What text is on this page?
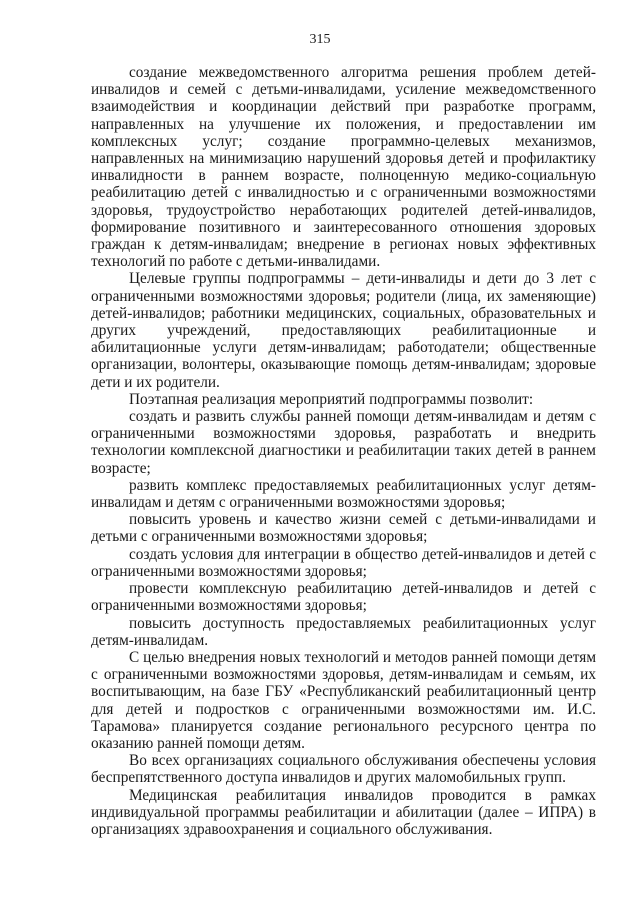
315

создание межведомственного алгоритма решения проблем детей-инвалидов и семей с детьми-инвалидами, усиление межведомственного взаимодействия и координации действий при разработке программ, направленных на улучшение их положения, и предоставлении им комплексных услуг; создание программно-целевых механизмов, направленных на минимизацию нарушений здоровья детей и профилактику инвалидности в раннем возрасте, полноценную медико-социальную реабилитацию детей с инвалидностью и с ограниченными возможностями здоровья, трудоустройство неработающих родителей детей-инвалидов, формирование позитивного и заинтересованного отношения здоровых граждан к детям-инвалидам; внедрение в регионах новых эффективных технологий по работе с детьми-инвалидами.

Целевые группы подпрограммы – дети-инвалиды и дети до 3 лет с ограниченными возможностями здоровья; родители (лица, их заменяющие) детей-инвалидов; работники медицинских, социальных, образовательных и других учреждений, предоставляющих реабилитационные и абилитационные услуги детям-инвалидам; работодатели; общественные организации, волонтеры, оказывающие помощь детям-инвалидам; здоровые дети и их родители.

Поэтапная реализация мероприятий подпрограммы позволит:

создать и развить службы ранней помощи детям-инвалидам и детям с ограниченными возможностями здоровья, разработать и внедрить технологии комплексной диагностики и реабилитации таких детей в раннем возрасте;

развить комплекс предоставляемых реабилитационных услуг детям-инвалидам и детям с ограниченными возможностями здоровья;

повысить уровень и качество жизни семей с детьми-инвалидами и детьми с ограниченными возможностями здоровья;

создать условия для интеграции в общество детей-инвалидов и детей с ограниченными возможностями здоровья;

провести комплексную реабилитацию детей-инвалидов и детей с ограниченными возможностями здоровья;

повысить доступность предоставляемых реабилитационных услуг детям-инвалидам.

С целью внедрения новых технологий и методов ранней помощи детям с ограниченными возможностями здоровья, детям-инвалидам и семьям, их воспитывающим, на базе ГБУ «Республиканский реабилитационный центр для детей и подростков с ограниченными возможностями им. И.С. Тарамова» планируется создание регионального ресурсного центра по оказанию ранней помощи детям.

Во всех организациях социального обслуживания обеспечены условия беспрепятственного доступа инвалидов и других маломобильных групп.

Медицинская реабилитация инвалидов проводится в рамках индивидуальной программы реабилитации и абилитации (далее – ИПРА) в организациях здравоохранения и социального обслуживания.
